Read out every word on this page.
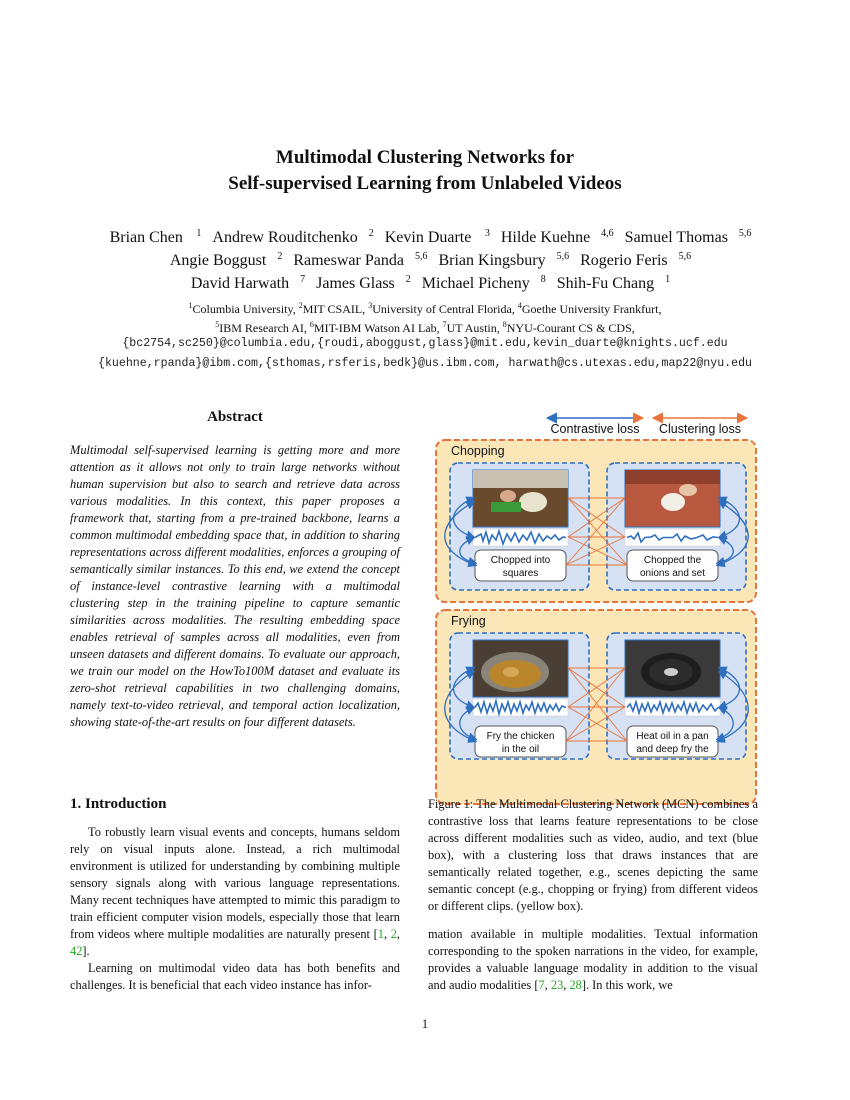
Multimodal Clustering Networks for
Self-supervised Learning from Unlabeled Videos
Brian Chen $^1$ Andrew Rouditchenko $^2$ Kevin Duarte $^3$ Hilde Kuehne $^{4,6}$ Samuel Thomas $^{5,6}$
Angie Boggust $^2$ Rameswar Panda $^{5,6}$ Brian Kingsbury $^{5,6}$ Rogerio Feris $^{5,6}$
David Harwath $^7$ James Glass $^2$ Michael Picheny $^8$ Shih-Fu Chang $^1$
$^1$Columbia University, $^2$MIT CSAIL, $^3$University of Central Florida, $^4$Goethe University Frankfurt,
$^5$IBM Research AI, $^6$MIT-IBM Watson AI Lab, $^7$UT Austin, $^8$NYU-Courant CS & CDS,
{bc2754,sc250}@columbia.edu,{roudi,aboggust,glass}@mit.edu,kevin_duarte@knights.ucf.edu
{kuehne,rpanda}@ibm.com,{sthomas,rsferis,bedk}@us.ibm.com, harwath@cs.utexas.edu,map22@nyu.edu
Abstract
Multimodal self-supervised learning is getting more and more attention as it allows not only to train large networks without human supervision but also to search and retrieve data across various modalities. In this context, this paper proposes a framework that, starting from a pre-trained backbone, learns a common multimodal embedding space that, in addition to sharing representations across different modalities, enforces a grouping of semantically similar instances. To this end, we extend the concept of instance-level contrastive learning with a multimodal clustering step in the training pipeline to capture semantic similarities across modalities. The resulting embedding space enables retrieval of samples across all modalities, even from unseen datasets and different domains. To evaluate our approach, we train our model on the HowTo100M dataset and evaluate its zero-shot retrieval capabilities in two challenging domains, namely text-to-video retrieval, and temporal action localization, showing state-of-the-art results on four different datasets.
1. Introduction

To robustly learn visual events and concepts, humans seldom rely on visual inputs alone. Instead, a rich multimodal environment is utilized for understanding by combining multiple sensory signals along with various language representations. Many recent techniques have attempted to mimic this paradigm to train efficient computer vision models, especially those that learn from videos where multiple modalities are naturally present [1, 2, 42].

Learning on multimodal video data has both benefits and challenges. It is beneficial that each video instance has infor-

Contrastive loss Clustering loss
Chopped into
squares
Chopped the
onions and set
Fry the chicken
in the oil
Heat oil in a pan
and deep fry the
Chopping
Frying
Figure 1: The Multimodal Clustering Network (MCN) combines a contrastive loss that learns feature representations to be close across different modalities such as video, audio, and text (blue box), with a clustering loss that draws instances that are semantically related together, e.g., scenes depicting the same semantic concept (e.g., chopping or frying) from different videos or different clips. (yellow box).
mation available in multiple modalities. Textual information corresponding to the spoken narrations in the video, for example, provides a valuable language modality in addition to the visual and audio modalities [7, 23, 28]. In this work, we
1
